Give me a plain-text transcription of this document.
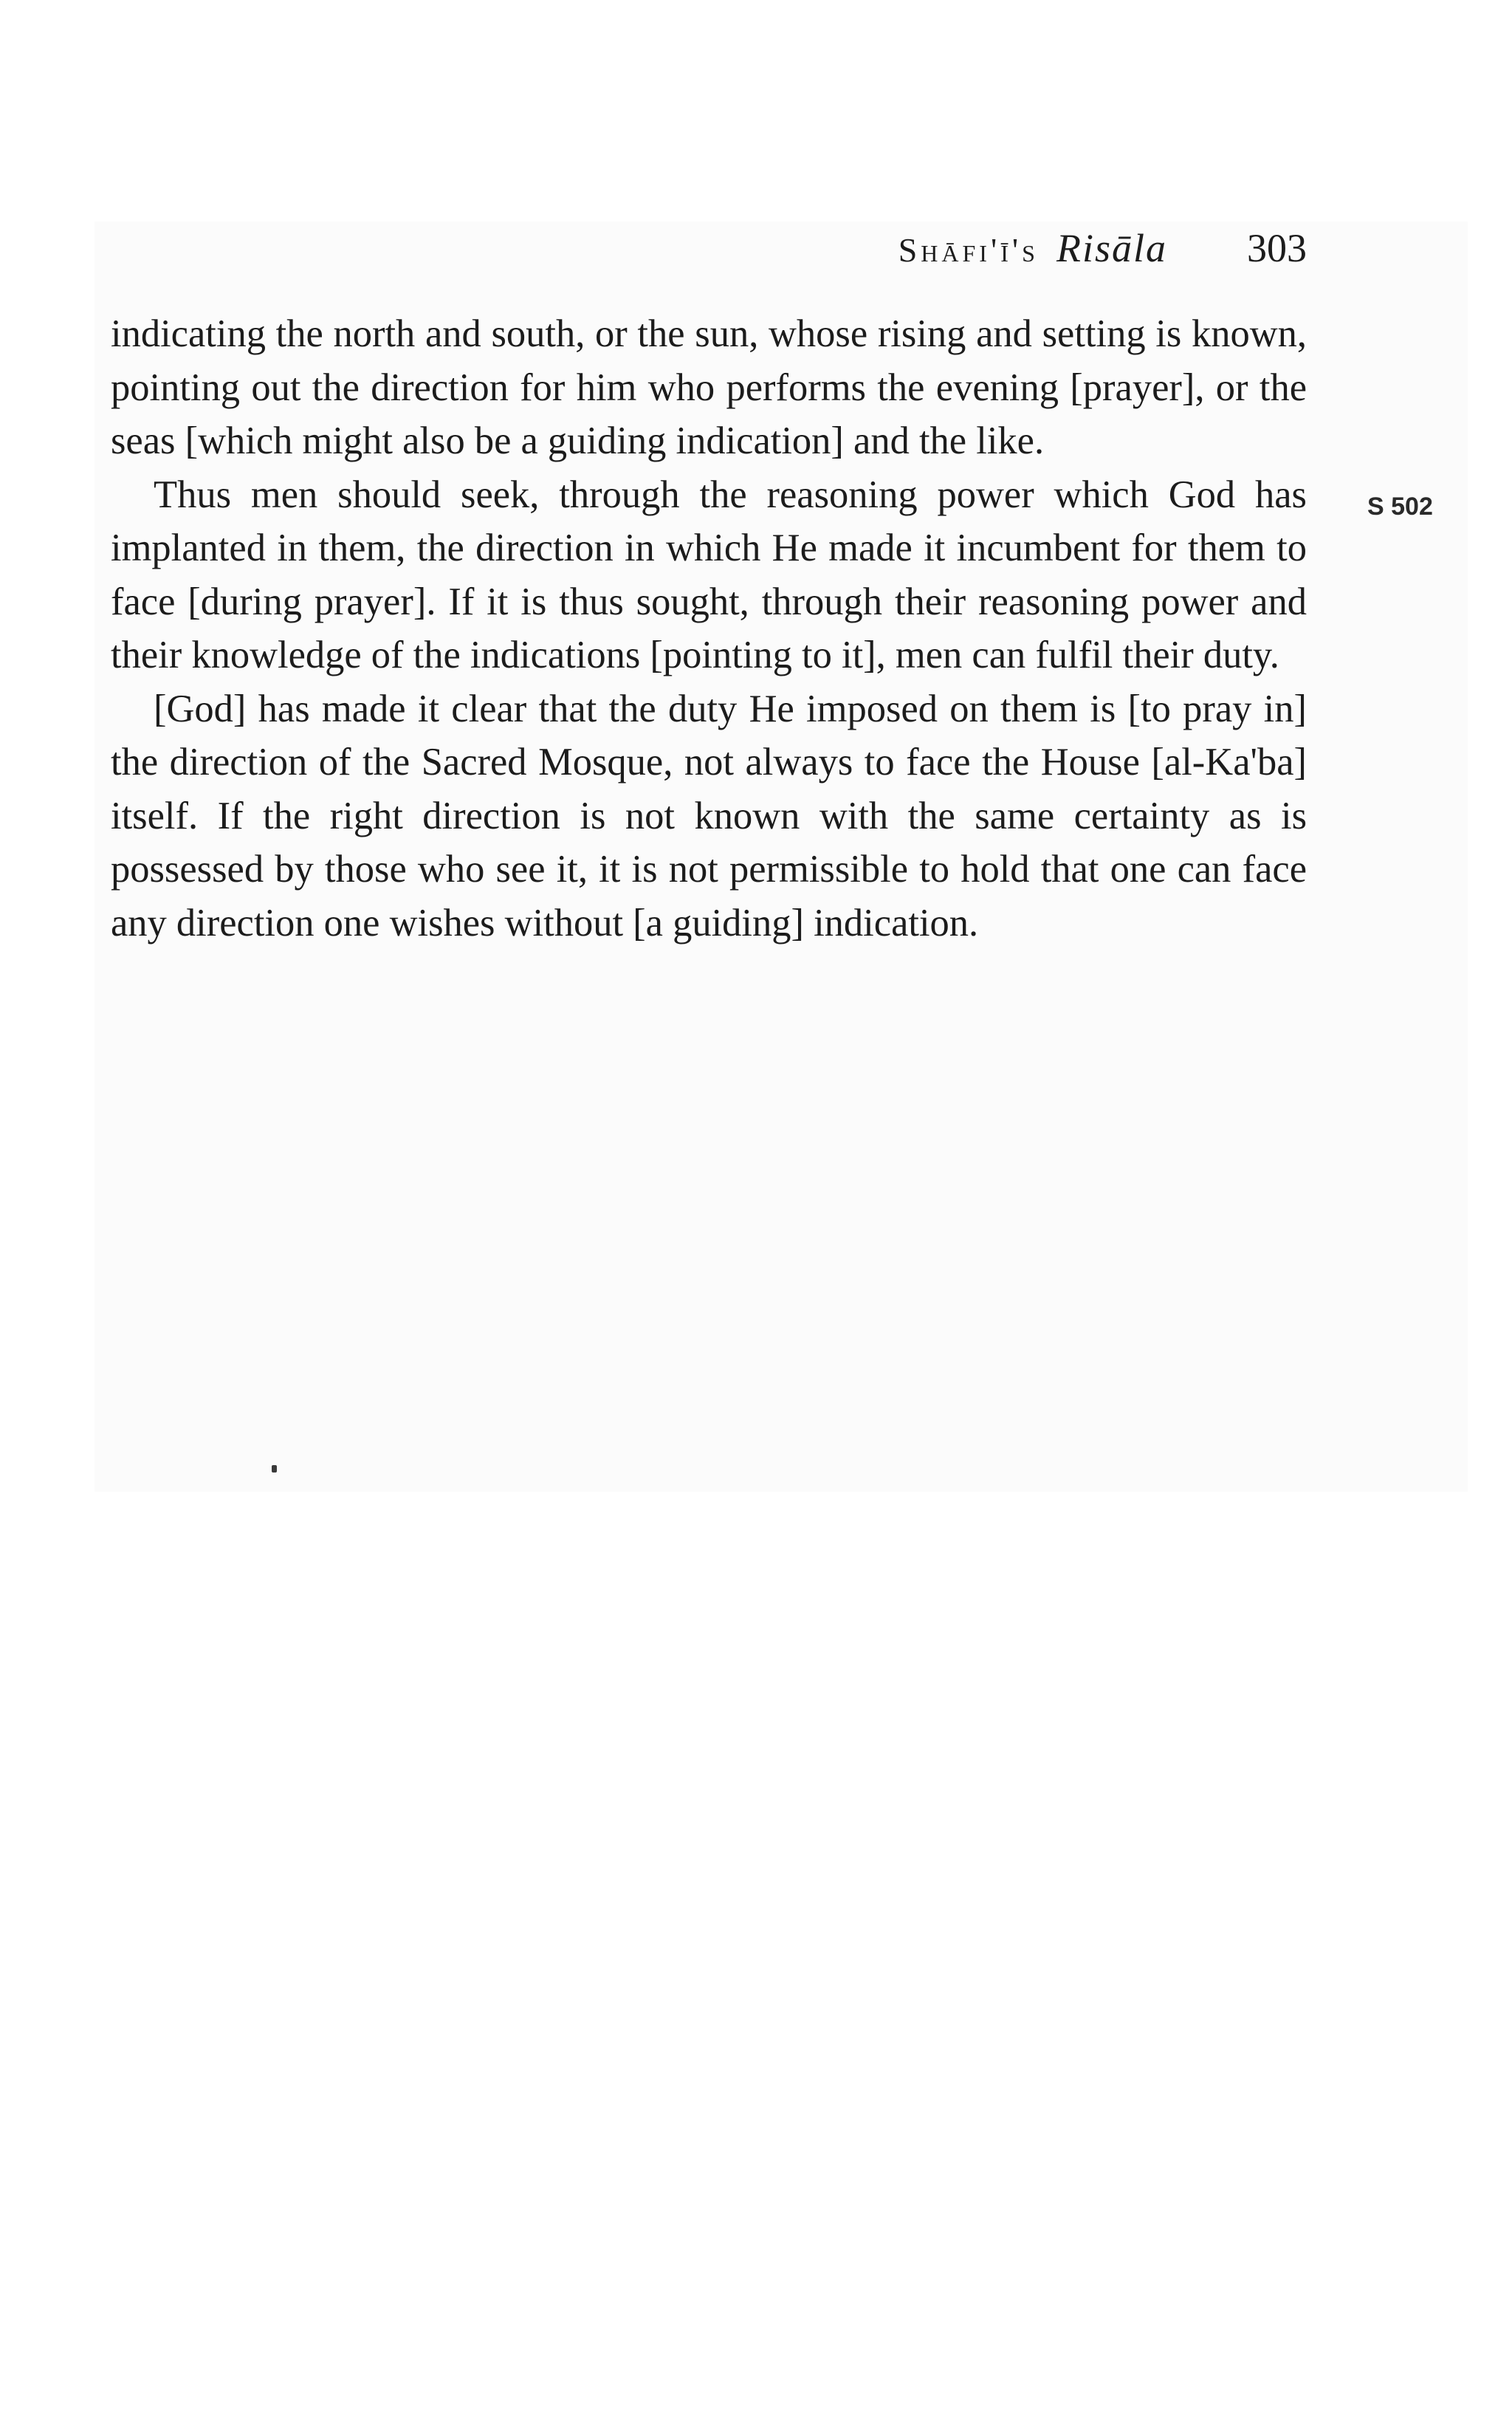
Shāfi'ī's Risāla 303
S 502

indicating the north and south, or the sun, whose rising and setting is known, pointing out the direction for him who performs the evening [prayer], or the seas [which might also be a guiding indication] and the like.

Thus men should seek, through the reasoning power which God has implanted in them, the direction in which He made it incumbent for them to face [during prayer]. If it is thus sought, through their reasoning power and their knowledge of the indications [pointing to it], men can fulfil their duty.

[God] has made it clear that the duty He imposed on them is [to pray in] the direction of the Sacred Mosque, not always to face the House [al-Ka'ba] itself. If the right direction is not known with the same certainty as is possessed by those who see it, it is not permissible to hold that one can face any direction one wishes without [a guiding] indication.
